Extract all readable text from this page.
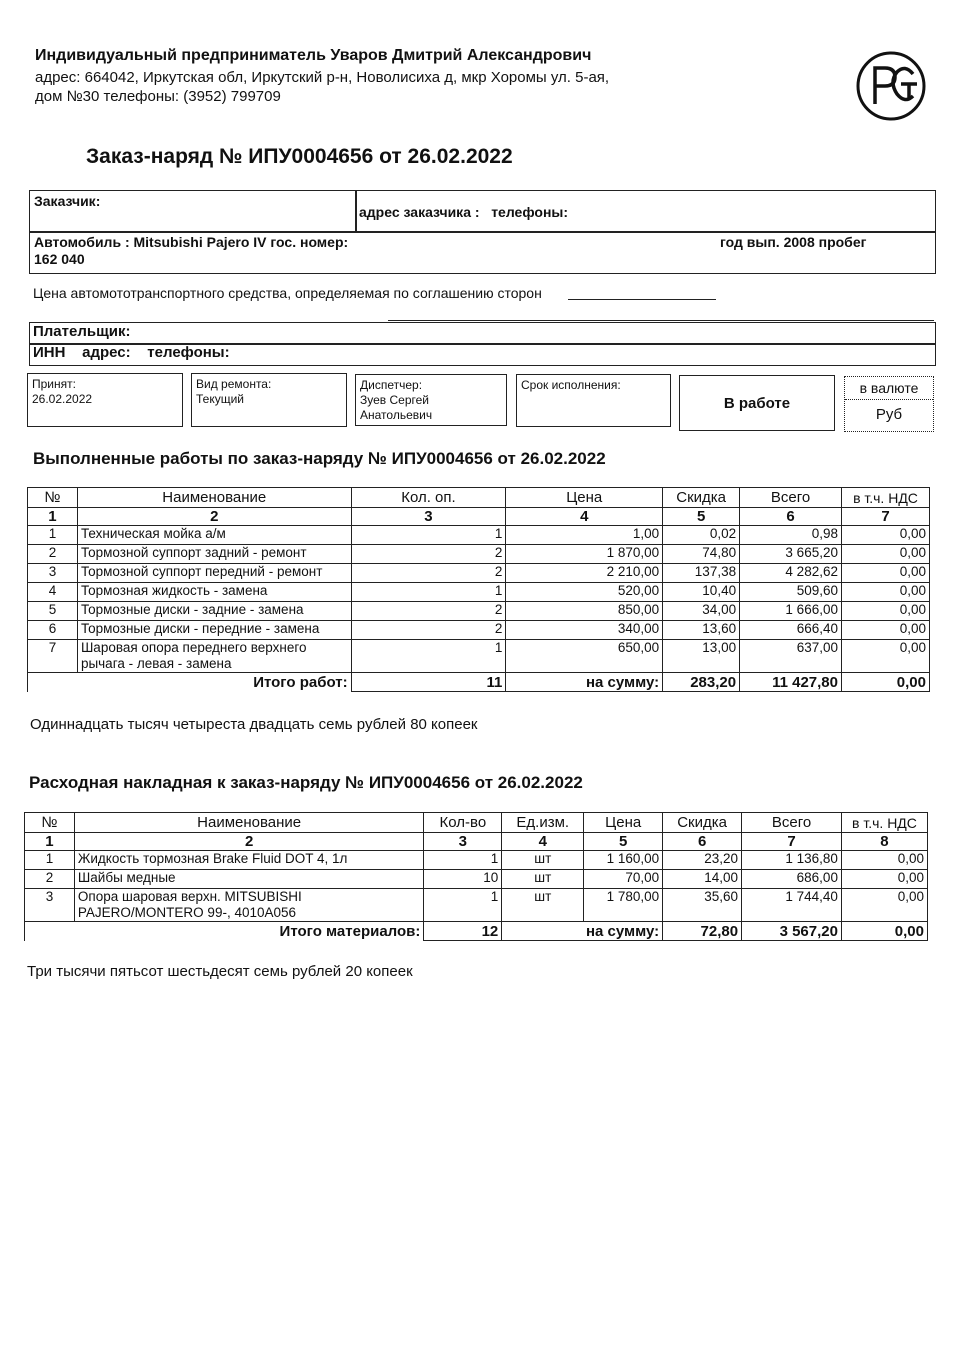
Индивидуальный предприниматель Уваров Дмитрий Александрович
адрес: 664042, Иркутская обл, Иркутский р-н, Новолисиха д, мкр Хоромы ул. 5-ая,
дом №30 телефоны: (3952) 799709
Заказ-наряд № ИПУ0004656 от 26.02.2022
Заказчик:
адрес заказчика :   телефоны:
Автомобиль : Mitsubishi Pajero IV гос. номер:	год вып. 2008 пробег
162 040
Цена автомототранспортного средства, определяемая по соглашению сторон
Плательщик:
ИНН    адрес:    телефоны:
Принят:
26.02.2022
Вид ремонта:
Текущий
Диспетчер:
Зуев Сергей
Анатольевич
Срок исполнения:
В работе
в валюте
Руб
Выполненные работы по заказ-наряду № ИПУ0004656 от 26.02.2022
№	Наименование	Кол. оп.	Цена	Скидка	Всего	в т.ч. НДС
1	2	3	4	5	6	7
1	Техническая мойка а/м	1	1,00	0,02	0,98	0,00
2	Тормозной суппорт задний - ремонт	2	1 870,00	74,80	3 665,20	0,00
3	Тормозной суппорт передний - ремонт	2	2 210,00	137,38	4 282,62	0,00
4	Тормозная жидкость - замена	1	520,00	10,40	509,60	0,00
5	Тормозные диски - задние - замена	2	850,00	34,00	1 666,00	0,00
6	Тормозные диски - передние - замена	2	340,00	13,60	666,40	0,00
7	Шаровая опора переднего верхнего
рычага - левая - замена	1	650,00	13,00	637,00	0,00
Итого работ:		11	на сумму:	283,20	11 427,80	0,00
Одиннадцать тысяч четыреста двадцать семь рублей 80 копеек
Расходная накладная к заказ-наряду № ИПУ0004656 от 26.02.2022
№	Наименование	Кол-во	Ед.изм.	Цена	Скидка	Всего	в т.ч. НДС
1	2	3	4	5	6	7	8
1	Жидкость тормозная Brake Fluid DOT 4, 1л	1	шт	1 160,00	23,20	1 136,80	0,00
2	Шайбы медные	10	шт	70,00	14,00	686,00	0,00
3	Опора шаровая верхн. MITSUBISHI
PAJERO/MONTERO 99-, 4010A056	1	шт	1 780,00	35,60	1 744,40	0,00
Итого материалов:		12	на сумму:		72,80	3 567,20	0,00
Три тысячи пятьсот шестьдесят семь рублей 20 копеек
